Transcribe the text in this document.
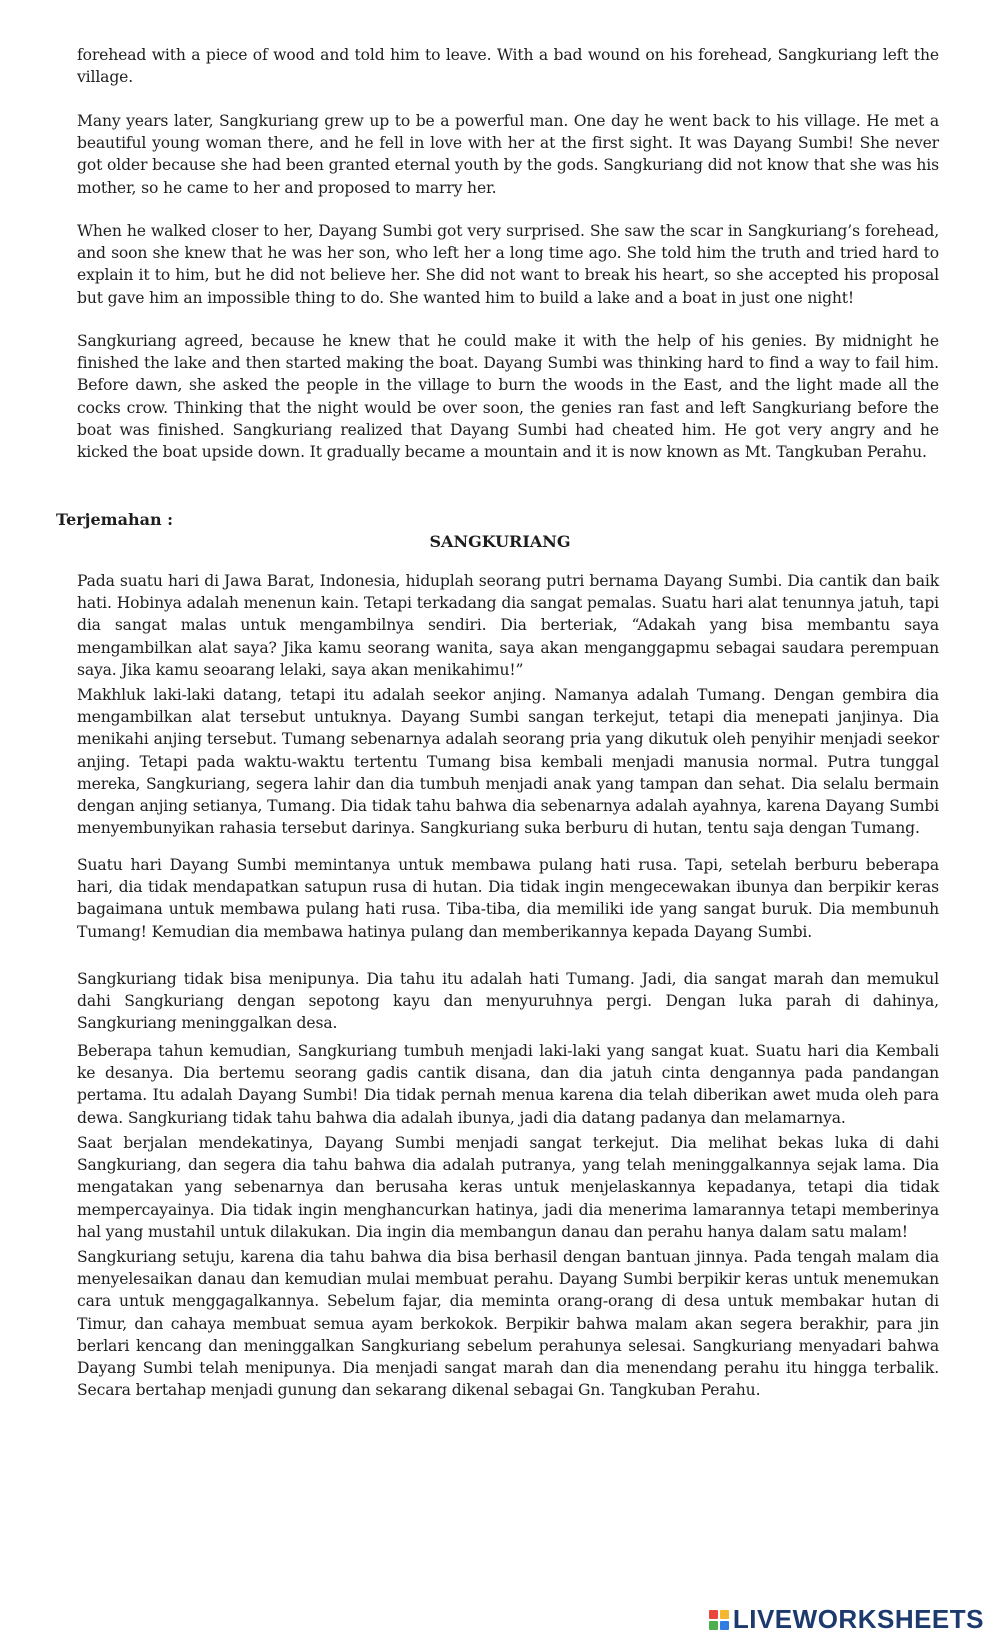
forehead with a piece of wood and told him to leave. With a bad wound on his forehead, Sangkuriang left the village.

Many years later, Sangkuriang grew up to be a powerful man. One day he went back to his village. He met a beautiful young woman there, and he fell in love with her at the first sight. It was Dayang Sumbi! She never got older because she had been granted eternal youth by the gods. Sangkuriang did not know that she was his mother, so he came to her and proposed to marry her.

When he walked closer to her, Dayang Sumbi got very surprised. She saw the scar in Sangkuriang’s forehead, and soon she knew that he was her son, who left her a long time ago. She told him the truth and tried hard to explain it to him, but he did not believe her. She did not want to break his heart, so she accepted his proposal but gave him an impossible thing to do. She wanted him to build a lake and a boat in just one night!

Sangkuriang agreed, because he knew that he could make it with the help of his genies. By midnight he finished the lake and then started making the boat. Dayang Sumbi was thinking hard to find a way to fail him. Before dawn, she asked the people in the village to burn the woods in the East, and the light made all the cocks crow. Thinking that the night would be over soon, the genies ran fast and left Sangkuriang before the boat was finished. Sangkuriang realized that Dayang Sumbi had cheated him. He got very angry and he kicked the boat upside down. It gradually became a mountain and it is now known as Mt. Tangkuban Perahu.

Terjemahan :

SANGKURIANG

Pada suatu hari di Jawa Barat, Indonesia, hiduplah seorang putri bernama Dayang Sumbi. Dia cantik dan baik hati. Hobinya adalah menenun kain. Tetapi terkadang dia sangat pemalas. Suatu hari alat tenunnya jatuh, tapi dia sangat malas untuk mengambilnya sendiri. Dia berteriak, “Adakah yang bisa membantu saya mengambilkan alat saya? Jika kamu seorang wanita, saya akan menganggapmu sebagai saudara perempuan saya. Jika kamu seoarang lelaki, saya akan menikahimu!”

Makhluk laki-laki datang, tetapi itu adalah seekor anjing. Namanya adalah Tumang. Dengan gembira dia mengambilkan alat tersebut untuknya. Dayang Sumbi sangan terkejut, tetapi dia menepati janjinya. Dia menikahi anjing tersebut. Tumang sebenarnya adalah seorang pria yang dikutuk oleh penyihir menjadi seekor anjing. Tetapi pada waktu-waktu tertentu Tumang bisa kembali menjadi manusia normal. Putra tunggal mereka, Sangkuriang, segera lahir dan dia tumbuh menjadi anak yang tampan dan sehat. Dia selalu bermain dengan anjing setianya, Tumang. Dia tidak tahu bahwa dia sebenarnya adalah ayahnya, karena Dayang Sumbi menyembunyikan rahasia tersebut darinya. Sangkuriang suka berburu di hutan, tentu saja dengan Tumang.

Suatu hari Dayang Sumbi memintanya untuk membawa pulang hati rusa. Tapi, setelah berburu beberapa hari, dia tidak mendapatkan satupun rusa di hutan. Dia tidak ingin mengecewakan ibunya dan berpikir keras bagaimana untuk membawa pulang hati rusa. Tiba-tiba, dia memiliki ide yang sangat buruk. Dia membunuh Tumang! Kemudian dia membawa hatinya pulang dan memberikannya kepada Dayang Sumbi.

Sangkuriang tidak bisa menipunya. Dia tahu itu adalah hati Tumang. Jadi, dia sangat marah dan memukul dahi Sangkuriang dengan sepotong kayu dan menyuruhnya pergi. Dengan luka parah di dahinya, Sangkuriang meninggalkan desa.

Beberapa tahun kemudian, Sangkuriang tumbuh menjadi laki-laki yang sangat kuat. Suatu hari dia Kembali ke desanya. Dia bertemu seorang gadis cantik disana, dan dia jatuh cinta dengannya pada pandangan pertama. Itu adalah Dayang Sumbi! Dia tidak pernah menua karena dia telah diberikan awet muda oleh para dewa. Sangkuriang tidak tahu bahwa dia adalah ibunya, jadi dia datang padanya dan melamarnya.

Saat berjalan mendekatinya, Dayang Sumbi menjadi sangat terkejut. Dia melihat bekas luka di dahi Sangkuriang, dan segera dia tahu bahwa dia adalah putranya, yang telah meninggalkannya sejak lama. Dia mengatakan yang sebenarnya dan berusaha keras untuk menjelaskannya kepadanya, tetapi dia tidak mempercayainya. Dia tidak ingin menghancurkan hatinya, jadi dia menerima lamarannya tetapi memberinya hal yang mustahil untuk dilakukan. Dia ingin dia membangun danau dan perahu hanya dalam satu malam!

Sangkuriang setuju, karena dia tahu bahwa dia bisa berhasil dengan bantuan jinnya. Pada tengah malam dia menyelesaikan danau dan kemudian mulai membuat perahu. Dayang Sumbi berpikir keras untuk menemukan cara untuk menggagalkannya. Sebelum fajar, dia meminta orang-orang di desa untuk membakar hutan di Timur, dan cahaya membuat semua ayam berkokok. Berpikir bahwa malam akan segera berakhir, para jin berlari kencang dan meninggalkan Sangkuriang sebelum perahunya selesai. Sangkuriang menyadari bahwa Dayang Sumbi telah menipunya. Dia menjadi sangat marah dan dia menendang perahu itu hingga terbalik. Secara bertahap menjadi gunung dan sekarang dikenal sebagai Gn. Tangkuban Perahu.

LIVEWORKSHEETS
